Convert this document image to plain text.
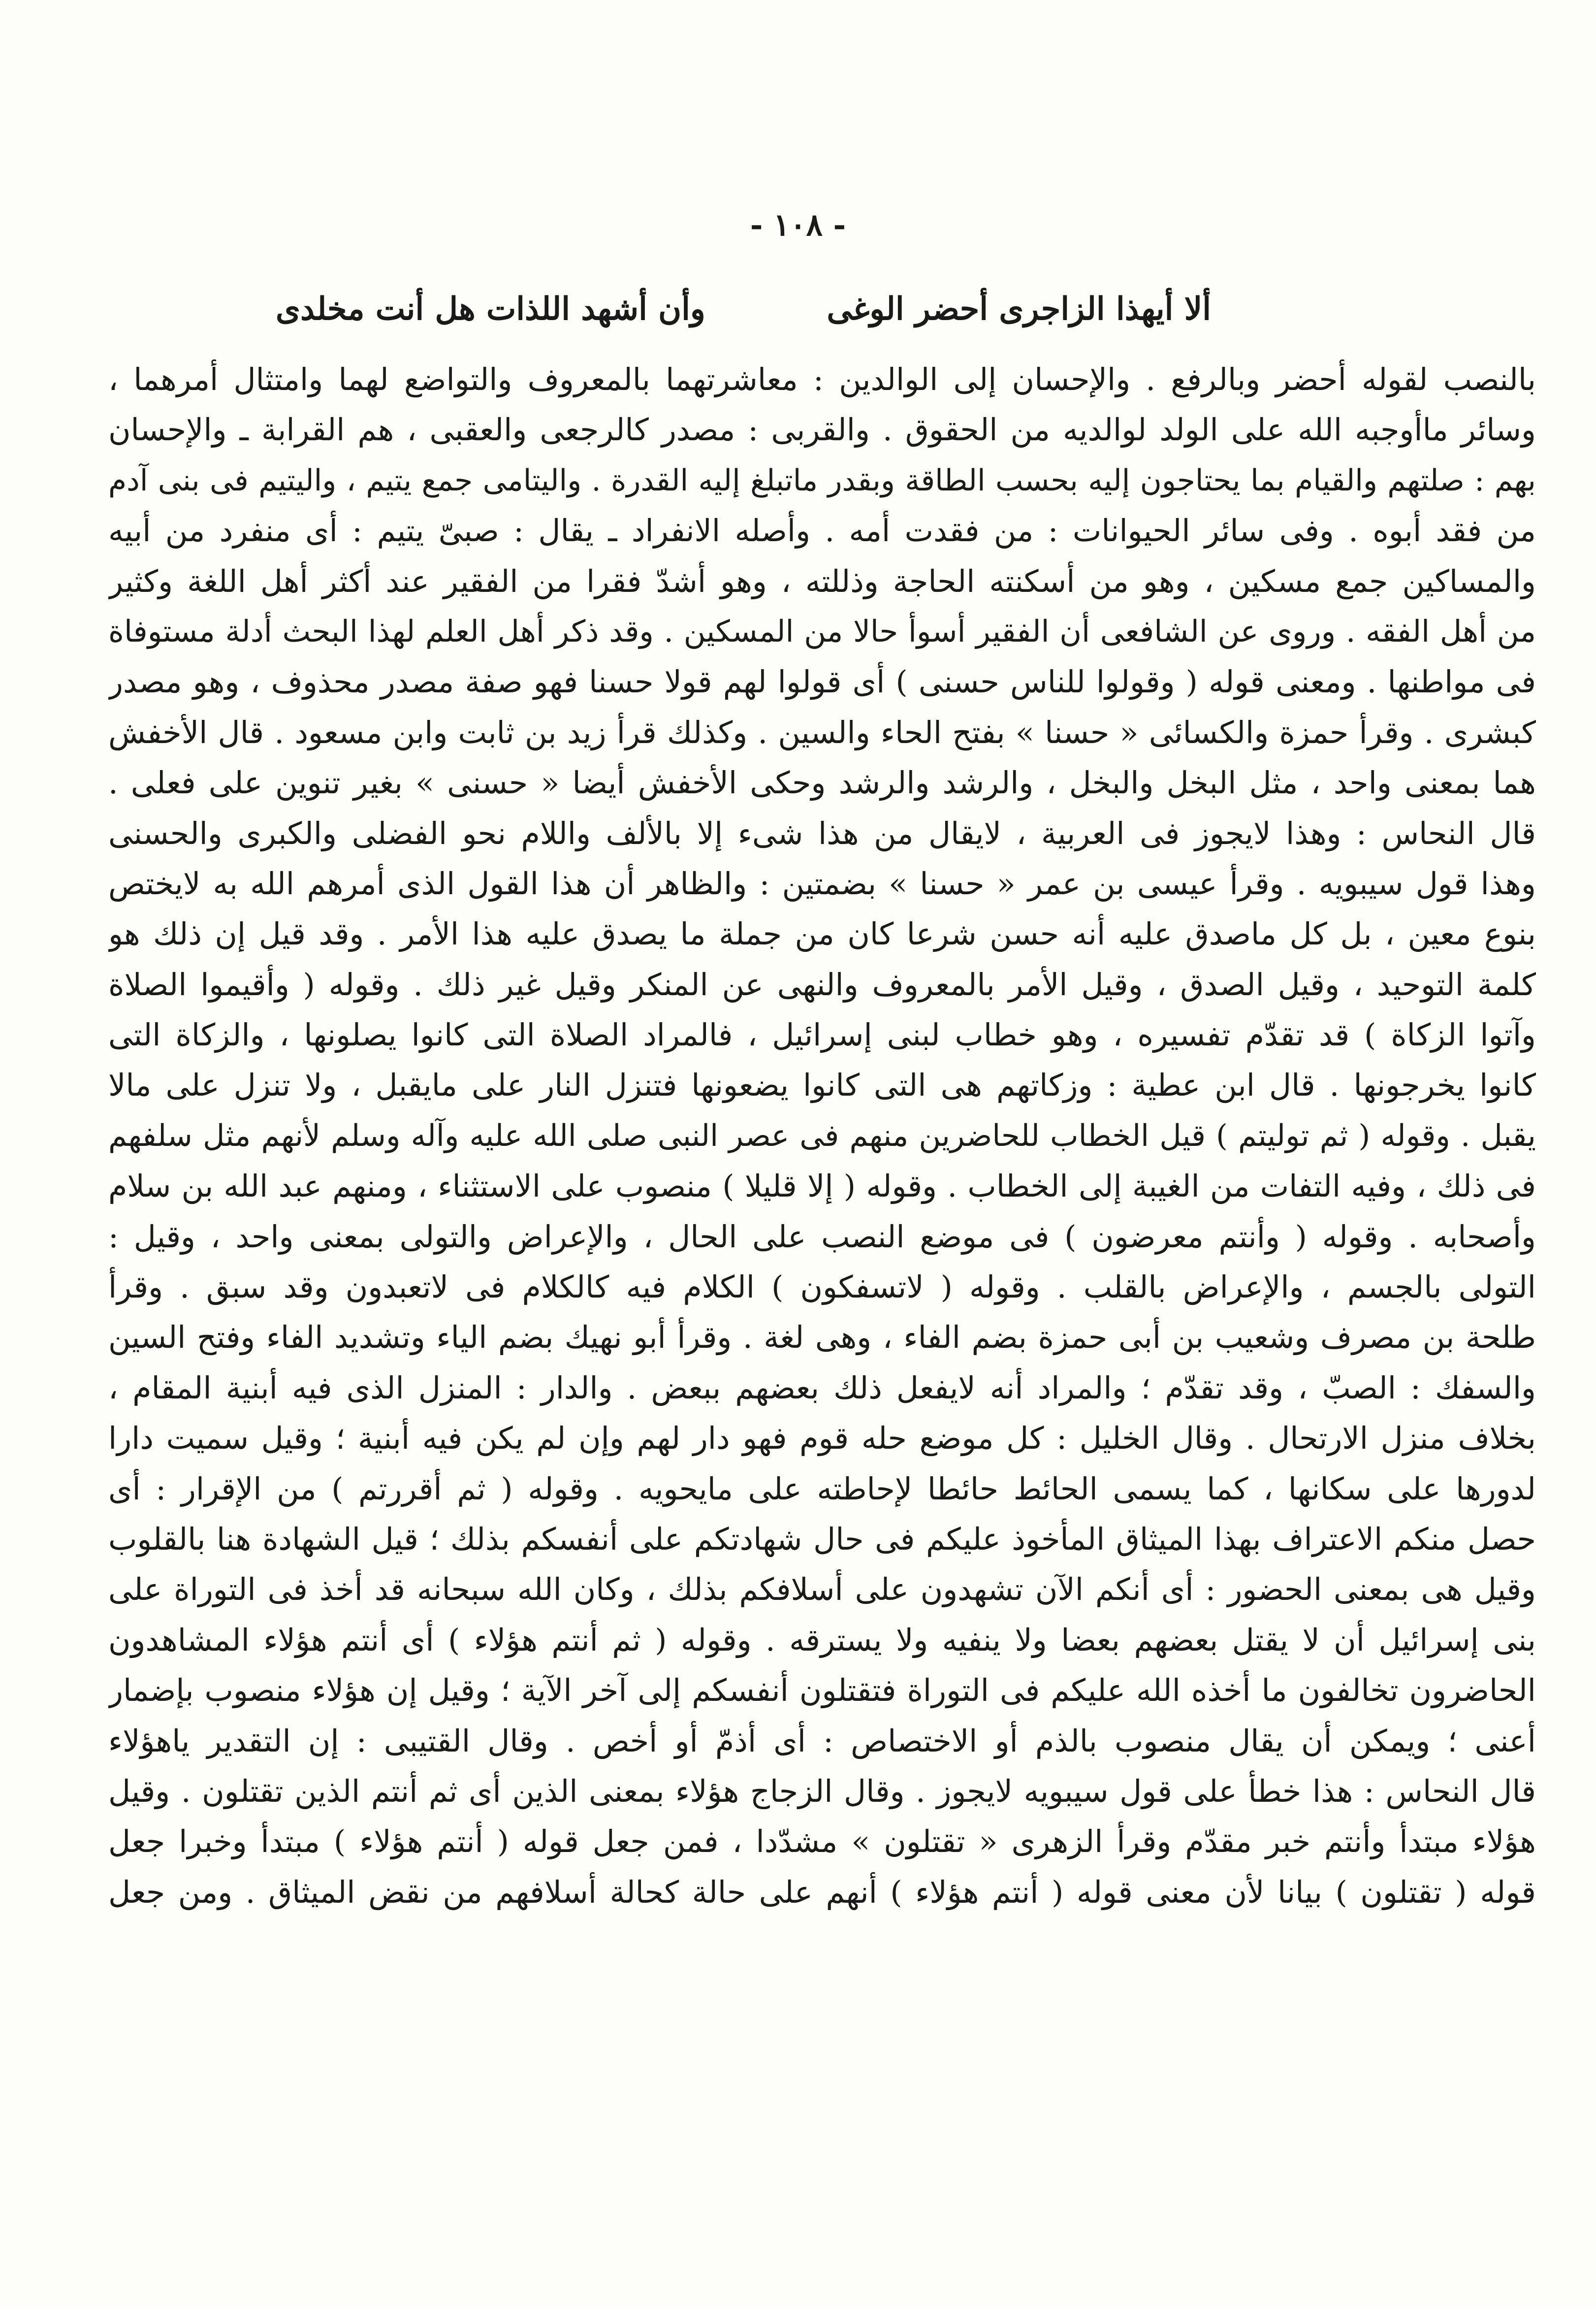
- ١٠٨ -
ألا أيهذا الزاجرى أحضر الوغى
وأن أشهد اللذات هل أنت مخلدى
بالنصب لقوله أحضر وبالرفع . والإحسان إلى الوالدين : معاشرتهما بالمعروف والتواضع لهما وامتثال أمرهما ،
وسائر ماأوجبه الله على الولد لوالديه من الحقوق . والقربى : مصدر كالرجعى والعقبى ، هم القرابة ـ والإحسان
بهم : صلتهم والقيام بما يحتاجون إليه بحسب الطاقة وبقدر ماتبلغ إليه القدرة . واليتامى جمع يتيم ، واليتيم فى بنى آدم
من فقد أبوه . وفى سائر الحيوانات : من فقدت أمه . وأصله الانفراد ـ يقال : صبىّ يتيم : أى منفرد من أبيه
والمساكين جمع مسكين ، وهو من أسكنته الحاجة وذللته ، وهو أشدّ فقرا من الفقير عند أكثر أهل اللغة وكثير
من أهل الفقه . وروى عن الشافعى أن الفقير أسوأ حالا من المسكين . وقد ذكر أهل العلم لهذا البحث أدلة مستوفاة
فى مواطنها . ومعنى قوله ( وقولوا للناس حسنى ) أى قولوا لهم قولا حسنا فهو صفة مصدر محذوف ، وهو مصدر
كبشرى . وقرأ حمزة والكسائى « حسنا » بفتح الحاء والسين . وكذلك قرأ زيد بن ثابت وابن مسعود . قال الأخفش
هما بمعنى واحد ، مثل البخل والبخل ، والرشد والرشد وحكى الأخفش أيضا « حسنى » بغير تنوين على فعلى .
قال النحاس : وهذا لايجوز فى العربية ، لايقال من هذا شىء إلا بالألف واللام نحو الفضلى والكبرى والحسنى
وهذا قول سيبويه . وقرأ عيسى بن عمر « حسنا » بضمتين : والظاهر أن هذا القول الذى أمرهم الله به لايختص
بنوع معين ، بل كل ماصدق عليه أنه حسن شرعا كان من جملة ما يصدق عليه هذا الأمر . وقد قيل إن ذلك هو
كلمة التوحيد ، وقيل الصدق ، وقيل الأمر بالمعروف والنهى عن المنكر وقيل غير ذلك . وقوله ( وأقيموا الصلاة
وآتوا الزكاة ) قد تقدّم تفسيره ، وهو خطاب لبنى إسرائيل ، فالمراد الصلاة التى كانوا يصلونها ، والزكاة التى
كانوا يخرجونها . قال ابن عطية : وزكاتهم هى التى كانوا يضعونها فتنزل النار على مايقبل ، ولا تنزل على مالا
يقبل . وقوله ( ثم توليتم ) قيل الخطاب للحاضرين منهم فى عصر النبى صلى الله عليه وآله وسلم لأنهم مثل سلفهم
فى ذلك ، وفيه التفات من الغيبة إلى الخطاب . وقوله ( إلا قليلا ) منصوب على الاستثناء ، ومنهم عبد الله بن سلام
وأصحابه . وقوله ( وأنتم معرضون ) فى موضع النصب على الحال ، والإعراض والتولى بمعنى واحد ، وقيل :
التولى بالجسم ، والإعراض بالقلب . وقوله ( لاتسفكون ) الكلام فيه كالكلام فى لاتعبدون وقد سبق . وقرأ
طلحة بن مصرف وشعيب بن أبى حمزة بضم الفاء ، وهى لغة . وقرأ أبو نهيك بضم الياء وتشديد الفاء وفتح السين
والسفك : الصبّ ، وقد تقدّم ؛ والمراد أنه لايفعل ذلك بعضهم ببعض . والدار : المنزل الذى فيه أبنية المقام ،
بخلاف منزل الارتحال . وقال الخليل : كل موضع حله قوم فهو دار لهم وإن لم يكن فيه أبنية ؛ وقيل سميت دارا
لدورها على سكانها ، كما يسمى الحائط حائطا لإحاطته على مايحويه . وقوله ( ثم أقررتم ) من الإقرار : أى
حصل منكم الاعتراف بهذا الميثاق المأخوذ عليكم فى حال شهادتكم على أنفسكم بذلك ؛ قيل الشهادة هنا بالقلوب
وقيل هى بمعنى الحضور : أى أنكم الآن تشهدون على أسلافكم بذلك ، وكان الله سبحانه قد أخذ فى التوراة على
بنى إسرائيل أن لا يقتل بعضهم بعضا ولا ينفيه ولا يسترقه . وقوله ( ثم أنتم هؤلاء ) أى أنتم هؤلاء المشاهدون
الحاضرون تخالفون ما أخذه الله عليكم فى التوراة فتقتلون أنفسكم إلى آخر الآية ؛ وقيل إن هؤلاء منصوب بإضمار
أعنى ؛ ويمكن أن يقال منصوب بالذم أو الاختصاص : أى أذمّ أو أخص . وقال القتيبى : إن التقدير ياهؤلاء
قال النحاس : هذا خطأ على قول سيبويه لايجوز . وقال الزجاج هؤلاء بمعنى الذين أى ثم أنتم الذين تقتلون . وقيل
هؤلاء مبتدأ وأنتم خبر مقدّم وقرأ الزهرى « تقتلون » مشدّدا ، فمن جعل قوله ( أنتم هؤلاء ) مبتدأ وخبرا جعل
قوله ( تقتلون ) بيانا لأن معنى قوله ( أنتم هؤلاء ) أنهم على حالة كحالة أسلافهم من نقض الميثاق . ومن جعل
